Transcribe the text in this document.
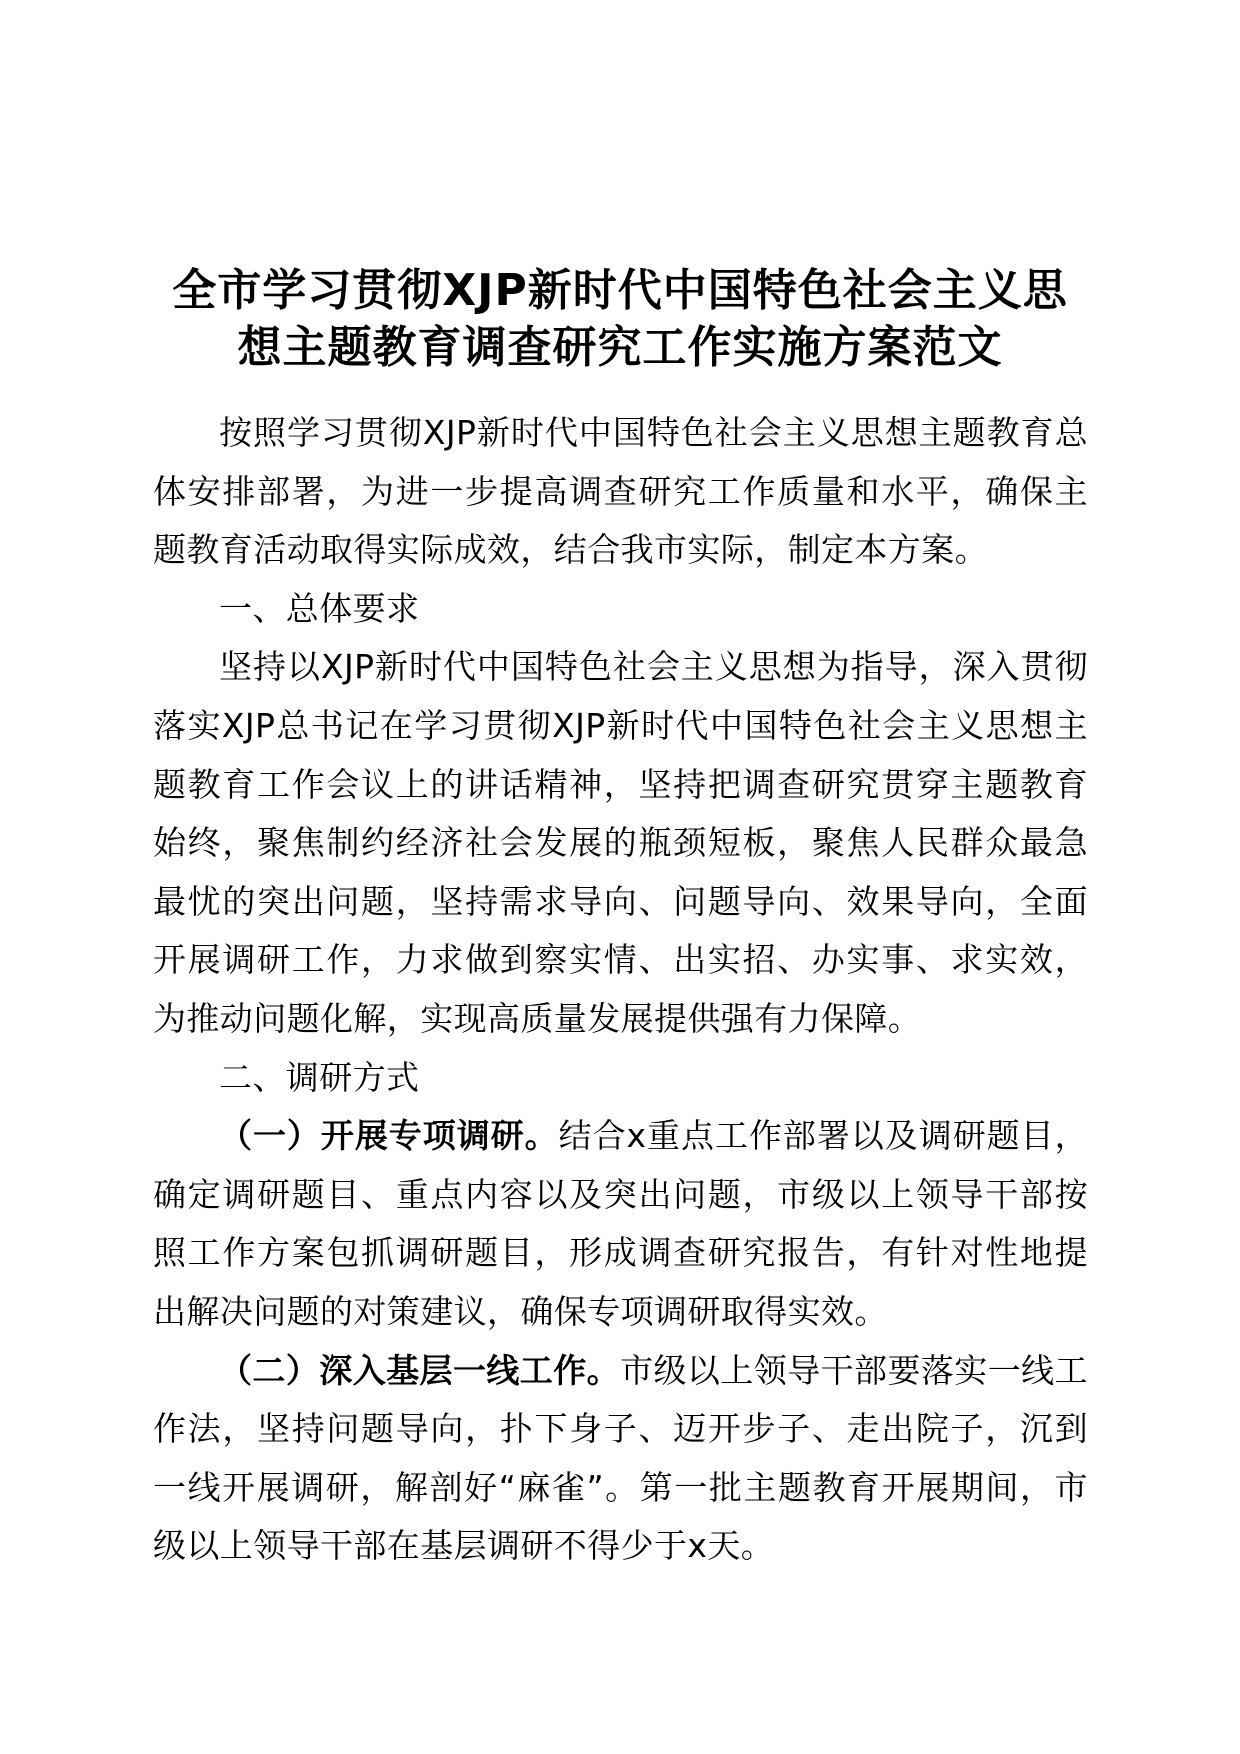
全市学习贯彻XJP新时代中国特色社会主义思
想主题教育调查研究工作实施方案范文

按照学习贯彻XJP新时代中国特色社会主义思想主题教育总体安排部署，为进一步提高调查研究工作质量和水平，确保主题教育活动取得实际成效，结合我市实际，制定本方案。

一、总体要求

坚持以XJP新时代中国特色社会主义思想为指导，深入贯彻落实XJP总书记在学习贯彻XJP新时代中国特色社会主义思想主题教育工作会议上的讲话精神，坚持把调查研究贯穿主题教育始终，聚焦制约经济社会发展的瓶颈短板，聚焦人民群众最急最忧的突出问题，坚持需求导向、问题导向、效果导向，全面开展调研工作，力求做到察实情、出实招、办实事、求实效，为推动问题化解，实现高质量发展提供强有力保障。

二、调研方式

（一）开展专项调研。结合x重点工作部署以及调研题目，确定调研题目、重点内容以及突出问题，市级以上领导干部按照工作方案包抓调研题目，形成调查研究报告，有针对性地提出解决问题的对策建议，确保专项调研取得实效。

（二）深入基层一线工作。市级以上领导干部要落实一线工作法，坚持问题导向，扑下身子、迈开步子、走出院子，沉到一线开展调研，解剖好“麻雀”。第一批主题教育开展期间，市级以上领导干部在基层调研不得少于x天。
